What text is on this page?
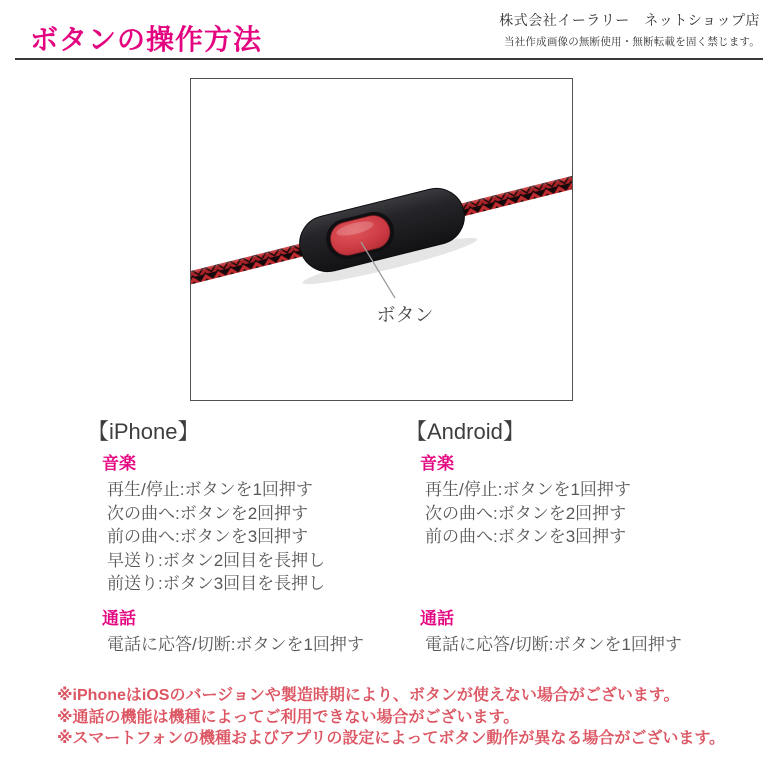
ボタンの操作方法
株式会社イーラリー　ネットショップ店
当社作成画像の無断使用・無断転載を固く禁じます。
ボタン
【iPhone】
音楽
再生/停止:ボタンを1回押す
次の曲へ:ボタンを2回押す
前の曲へ:ボタンを3回押す
早送り:ボタン2回目を長押し
前送り:ボタン3回目を長押し
通話
電話に応答/切断:ボタンを1回押す
【Android】
音楽
再生/停止:ボタンを1回押す
次の曲へ:ボタンを2回押す
前の曲へ:ボタンを3回押す
通話
電話に応答/切断:ボタンを1回押す
※iPhoneはiOSのバージョンや製造時期により、ボタンが使えない場合がございます。
※通話の機能は機種によってご利用できない場合がございます。
※スマートフォンの機種およびアプリの設定によってボタン動作が異なる場合がございます。
